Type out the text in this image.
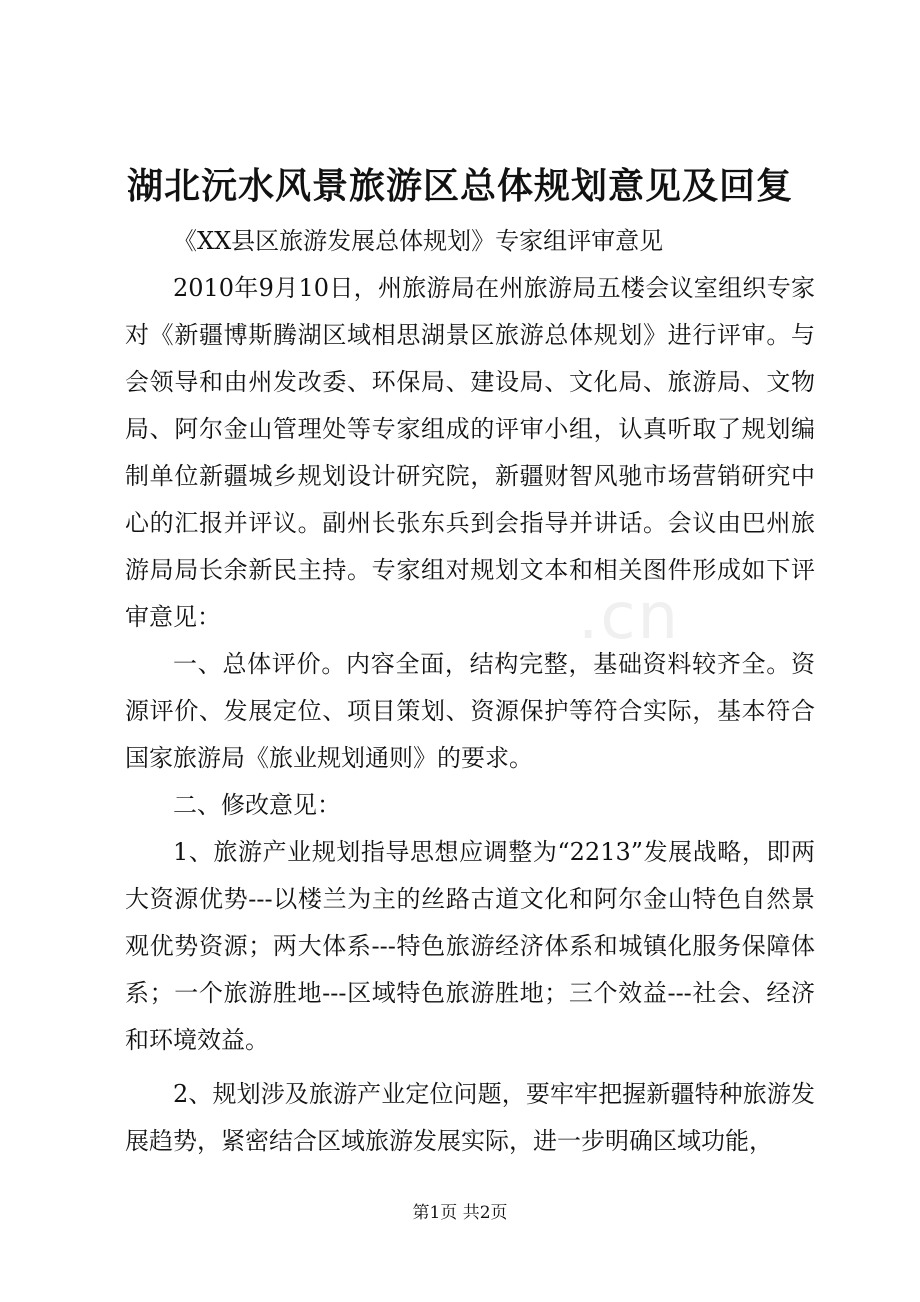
.cn
湖北沅水风景旅游区总体规划意见及回复

《XX县区旅游发展总体规划》专家组评审意见

2010年9月10日，州旅游局在州旅游局五楼会议室组织专家对《新疆博斯腾湖区域相思湖景区旅游总体规划》进行评审。与会领导和由州发改委、环保局、建设局、文化局、旅游局、文物局、阿尔金山管理处等专家组成的评审小组，认真听取了规划编制单位新疆城乡规划设计研究院，新疆财智风驰市场营销研究中心的汇报并评议。副州长张东兵到会指导并讲话。会议由巴州旅游局局长余新民主持。专家组对规划文本和相关图件形成如下评审意见：

一、总体评价。内容全面，结构完整，基础资料较齐全。资源评价、发展定位、项目策划、资源保护等符合实际，基本符合国家旅游局《旅业规划通则》的要求。

二、修改意见：

1、旅游产业规划指导思想应调整为“2213”发展战略，即两大资源优势---以楼兰为主的丝路古道文化和阿尔金山特色自然景观优势资源；两大体系---特色旅游经济体系和城镇化服务保障体系；一个旅游胜地---区域特色旅游胜地；三个效益---社会、经济和环境效益。

2、规划涉及旅游产业定位问题，要牢牢把握新疆特种旅游发展趋势，紧密结合区域旅游发展实际，进一步明确区域功能，

第1页 共2页
